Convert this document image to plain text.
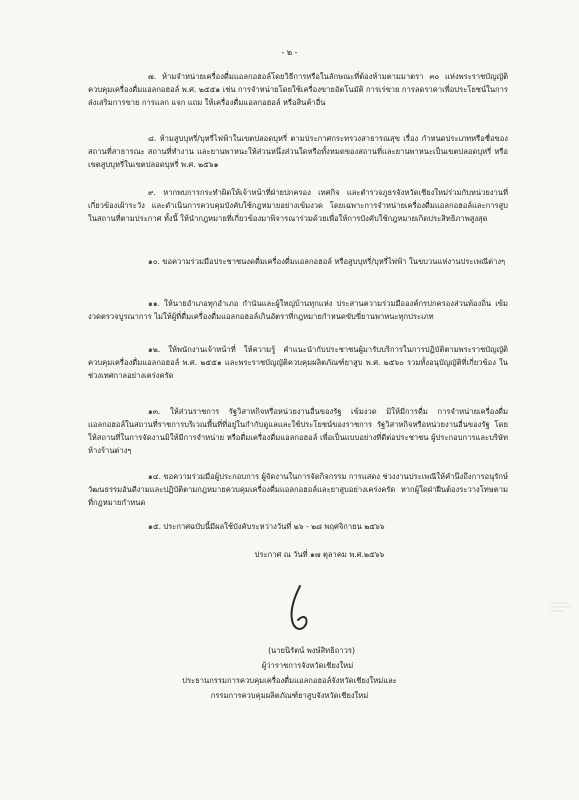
- ๒ -

๗. ห้ามจำหน่ายเครื่องดื่มแอลกอฮอล์โดยวิธีการหรือในลักษณะที่ต้องห้ามตามมาตรา ๓๐ แห่งพระราชบัญญัติควบคุมเครื่องดื่มแอลกอฮอล์ พ.ศ. ๒๕๕๑ เช่น การจำหน่ายโดยใช้เครื่องขายอัตโนมัติ การเร่ขาย การลดราคาเพื่อประโยชน์ในการส่งเสริมการขาย การแลก แจก แถม ให้เครื่องดื่มแอลกอฮอล์ หรือสินค้าอื่น

๘. ห้ามสูบบุหรี่/บุหรี่ไฟฟ้าในเขตปลอดบุหรี่ ตามประกาศกระทรวงสาธารณสุข เรื่อง กำหนดประเภทหรือชื่อของสถานที่สาธารณะ สถานที่ทำงาน และยานพาหนะให้ส่วนหนึ่งส่วนใดหรือทั้งหมดของสถานที่และยานพาหนะเป็นเขตปลอดบุหรี่ หรือเขตสูบบุหรี่ในเขตปลอดบุหรี่ พ.ศ. ๒๕๖๑

๙. หากพบการกระทำผิดให้เจ้าหน้าที่ฝ่ายปกครอง เทศกิจ และตำรวจภูธรจังหวัดเชียงใหม่ร่วมกับหน่วยงานที่เกี่ยวข้องเฝ้าระวัง และดำเนินการควบคุมบังคับใช้กฎหมายอย่างเข้มงวด โดยเฉพาะการจำหน่ายเครื่องดื่มแอลกอฮอล์และการสูบในสถานที่ตามประกาศ ทั้งนี้ ให้นำกฎหมายที่เกี่ยวข้องมาพิจารณาร่วมด้วยเพื่อให้การบังคับใช้กฎหมายเกิดประสิทธิภาพสูงสุด

๑๐. ขอความร่วมมือประชาชนงดดื่มเครื่องดื่มแอลกอฮอล์ หรือสูบบุหรี่/บุหรี่ไฟฟ้า ในขบวนแห่งานประเพณีต่างๆ

๑๑. ให้นายอำเภอทุกอำเภอ กำนันและผู้ใหญ่บ้านทุกแห่ง ประสานความร่วมมือองค์กรปกครองส่วนท้องถิ่น เข้มงวดตรวจบูรณาการ ไม่ให้ผู้ที่ดื่มเครื่องดื่มแอลกอฮอล์เกินอัตราที่กฎหมายกำหนดขับขี่ยานพาหนะทุกประเภท

๑๒. ให้พนักงานเจ้าหน้าที่ ให้ความรู้ คำแนะนำกับประชาชนผู้มารับบริการในการปฏิบัติตามพระราชบัญญัติควบคุมเครื่องดื่มแอลกอฮอล์ พ.ศ. ๒๕๕๑ และพระราชบัญญัติควบคุมผลิตภัณฑ์ยาสูบ พ.ศ. ๒๕๖๐ รวมทั้งอนุบัญญัติที่เกี่ยวข้อง ในช่วงเทศกาลอย่างเคร่งครัด

๑๓. ให้ส่วนราชการ รัฐวิสาหกิจหรือหน่วยงานอื่นของรัฐ เข้มงวด มิให้มีการดื่ม การจำหน่ายเครื่องดื่มแอลกอฮอล์ในสถานที่ราชการบริเวณพื้นที่ที่อยู่ในกำกับดูแลและใช้ประโยชน์ของราชการ รัฐวิสาหกิจหรือหน่วยงานอื่นของรัฐ โดยให้สถานที่ในการจัดงานมิให้มีการจำหน่าย หรือดื่มเครื่องดื่มแอลกอฮอล์ เพื่อเป็นแบบอย่างที่ดีต่อประชาชน ผู้ประกอบการและบริษัทห้างร้านต่างๆ

๑๔. ขอความร่วมมือผู้ประกอบการ ผู้จัดงานในการจัดกิจกรรม การแสดง ช่วงงานประเพณีให้คำนึงถึงการอนุรักษ์วัฒนธรรมอันดีงามและปฏิบัติตามกฎหมายควบคุมเครื่องดื่มแอลกอฮอล์และยาสูบอย่างเคร่งครัด หากผู้ใดฝ่าฝืนต้องระวางโทษตามที่กฎหมายกำหนด

๑๕. ประกาศฉบับนี้มีผลใช้บังคับระหว่างวันที่ ๒๖ - ๒๘ พฤศจิกายน ๒๕๖๖

ประกาศ ณ วันที่ ๑๗ ตุลาคม พ.ศ.๒๕๖๖
(นายนิรัตน์ พงษ์สิทธิถาวร)
ผู้ว่าราชการจังหวัดเชียงใหม่
ประธานกรรมการควบคุมเครื่องดื่มแอลกอฮอล์จังหวัดเชียงใหม่และ
กรรมการควบคุมผลิตภัณฑ์ยาสูบจังหวัดเชียงใหม่
